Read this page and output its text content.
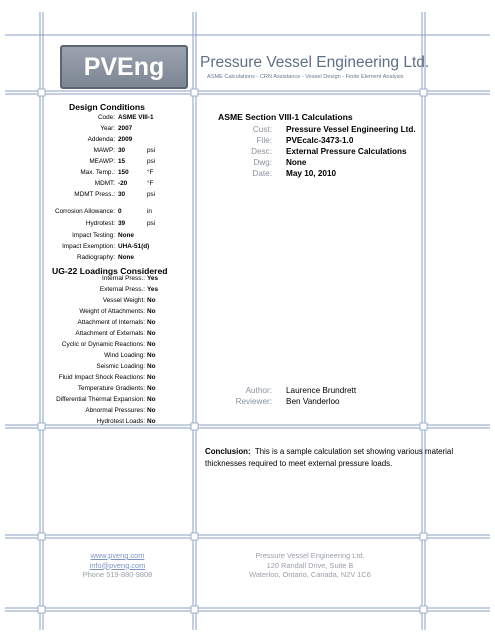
PVEng	Pressure Vessel Engineering Ltd.
ASME Calculations - CRN Assistance - Vessel Design - Finite Element Analysis
Design Conditions
Code: ASME VIII-1
Year: 2007
Addenda: 2009
MAWP: 30	psi
MEAWP: 15	psi
Max. Temp.: 150	°F
MDMT: -20	°F
MDMT Press.: 30	psi
Corrosion Allowance: 0	in
Hydrotest: 39	psi
Impact Testing: None
Impact Exemption: UHA-51(d)
Radiography: None
UG-22 Loadings Considered
Internal Press.: Yes
External Press.: Yes
Vessel Weight: No
Weight of Attachments: No
Attachment of Internals: No
Attachment of Externals: No
Cyclic or Dynamic Reactions: No
Wind Loading: No
Seismic Loading: No
Fluid Impact Shock Reactions: No
Temperature Gradients: No
Differential Thermal Expansion: No
Abnormal Pressures: No
Hydrotest Loads: No
ASME Section VIII-1 Calculations
Cust: Pressure Vessel Engineering Ltd.
File: PVEcalc-3473-1.0
Desc: External Pressure Calculations
Dwg: None
Date: May 10, 2010
Author: Laurence Brundrett
Reviewer: Ben Vanderloo
Conclusion: This is a sample calculation set showing various material thicknesses required to meet external pressure loads.
www.pveng.com
info@pveng.com
Phone 519-880-9808
Pressure Vessel Engineering Ltd.
120 Randall Drive, Suite B
Waterloo, Ontario, Canada, N2V 1C6
